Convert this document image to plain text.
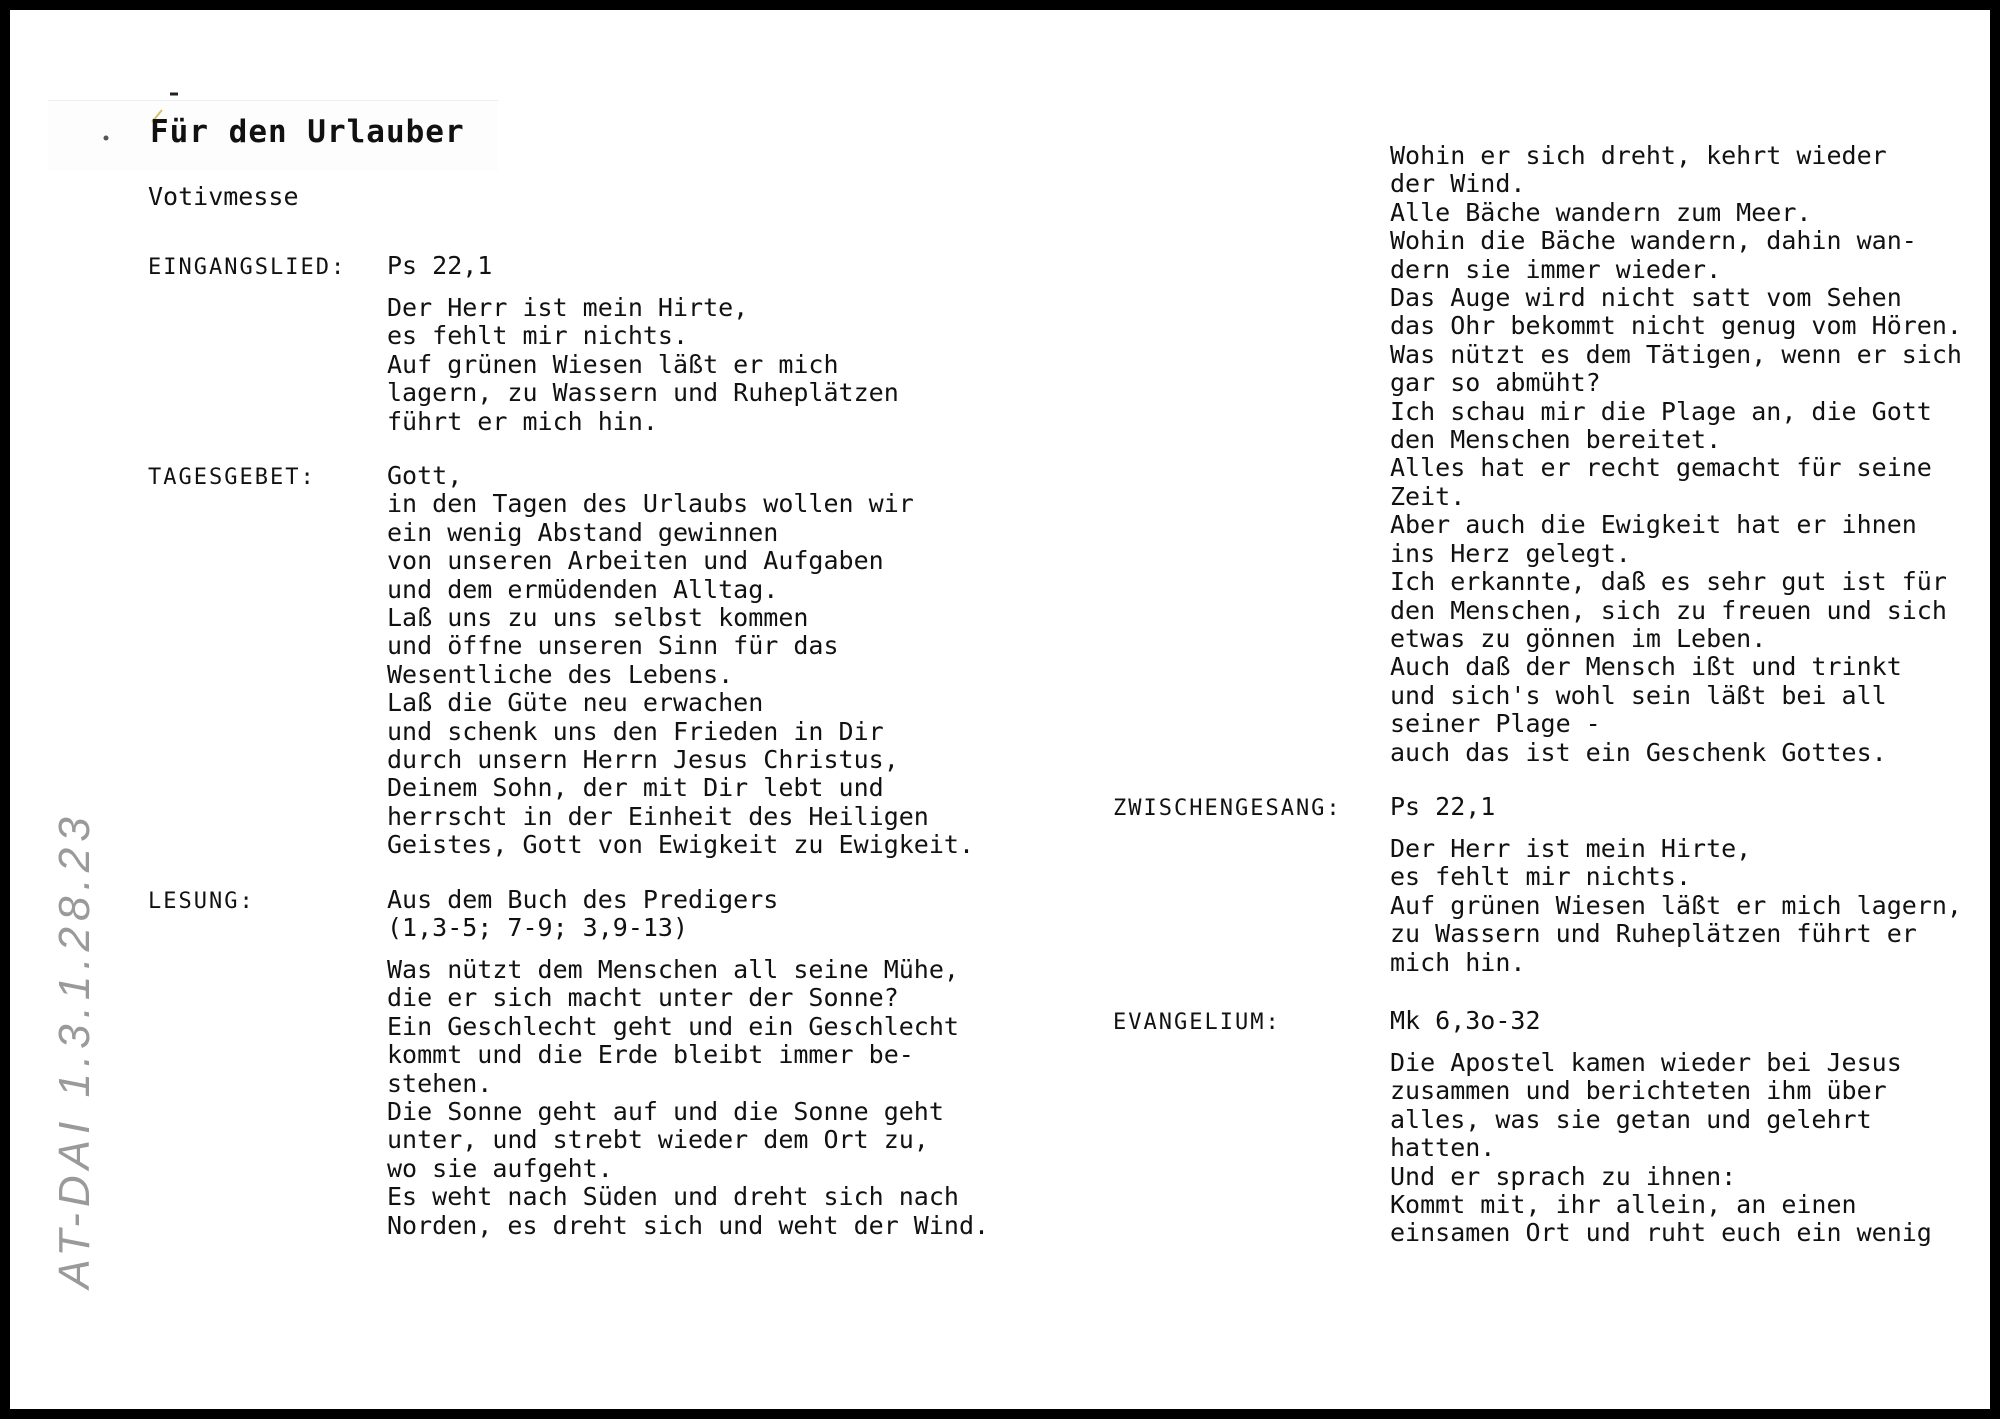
Für den Urlauber
Votivmesse
EINGANGSLIED: Ps 22,1
Der Herr ist mein Hirte,
es fehlt mir nichts.
Auf grünen Wiesen läßt er mich
lagern, zu Wassern und Ruheplätzen
führt er mich hin.
TAGESGEBET:	Gott,
in den Tagen des Urlaubs wollen wir
ein wenig Abstand gewinnen
von unseren Arbeiten und Aufgaben
und dem ermüdenden Alltag.
Laß uns zu uns selbst kommen
und öffne unseren Sinn für das
Wesentliche des Lebens.
Laß die Güte neu erwachen
und schenk uns den Frieden in Dir
durch unsern Herrn Jesus Christus,
Deinem Sohn, der mit Dir lebt und
herrscht in der Einheit des Heiligen
Geistes, Gott von Ewigkeit zu Ewigkeit.
LESUNG:	Aus dem Buch des Predigers
(1,3-5; 7-9; 3,9-13)
Was nützt dem Menschen all seine Mühe,
die er sich macht unter der Sonne?
Ein Geschlecht geht und ein Geschlecht
kommt und die Erde bleibt immer be-
stehen.
Die Sonne geht auf und die Sonne geht
unter, und strebt wieder dem Ort zu,
wo sie aufgeht.
Es weht nach Süden und dreht sich nach
Norden, es dreht sich und weht der Wind.
Wohin er sich dreht, kehrt wieder
der Wind.
Alle Bäche wandern zum Meer.
Wohin die Bäche wandern, dahin wan-
dern sie immer wieder.
Das Auge wird nicht satt vom Sehen
das Ohr bekommt nicht genug vom Hören.
Was nützt es dem Tätigen, wenn er sich
gar so abmüht?
Ich schau mir die Plage an, die Gott
den Menschen bereitet.
Alles hat er recht gemacht für seine
Zeit.
Aber auch die Ewigkeit hat er ihnen
ins Herz gelegt.
Ich erkannte, daß es sehr gut ist für
den Menschen, sich zu freuen und sich
etwas zu gönnen im Leben.
Auch daß der Mensch ißt und trinkt
und sich's wohl sein läßt bei all
seiner Plage -
auch das ist ein Geschenk Gottes.
ZWISCHENGESANG: Ps 22,1
Der Herr ist mein Hirte,
es fehlt mir nichts.
Auf grünen Wiesen läßt er mich lagern,
zu Wassern und Ruheplätzen führt er
mich hin.
EVANGELIUM:	Mk 6,3o-32
Die Apostel kamen wieder bei Jesus
zusammen und berichteten ihm über
alles, was sie getan und gelehrt
hatten.
Und er sprach zu ihnen:
Kommt mit, ihr allein, an einen
einsamen Ort und ruht euch ein wenig
AT-DAI 1.3.1.28.23
